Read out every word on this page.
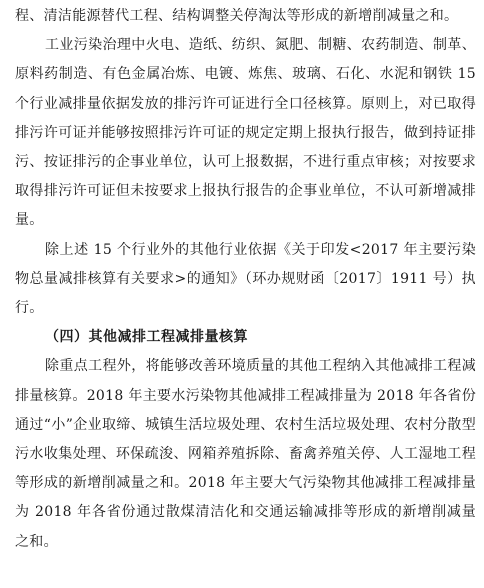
程、清洁能源替代工程、结构调整关停淘汰等形成的新增削减量之和。

工业污染治理中火电、造纸、纺织、氮肥、制糖、农药制造、制革、原料药制造、有色金属冶炼、电镀、炼焦、玻璃、石化、水泥和钢铁 15 个行业减排量依据发放的排污许可证进行全口径核算。原则上，对已取得排污许可证并能够按照排污许可证的规定定期上报执行报告，做到持证排污、按证排污的企事业单位，认可上报数据，不进行重点审核；对按要求取得排污许可证但未按要求上报执行报告的企事业单位，不认可新增减排量。

除上述 15 个行业外的其他行业依据《关于印发<2017 年主要污染物总量减排核算有关要求>的通知》（环办规财函〔2017〕1911 号）执行。

（四）其他减排工程减排量核算

除重点工程外，将能够改善环境质量的其他工程纳入其他减排工程减排量核算。2018 年主要水污染物其他减排工程减排量为 2018 年各省份通过“小”企业取缔、城镇生活垃圾处理、农村生活垃圾处理、农村分散型污水收集处理、环保疏浚、网箱养殖拆除、畜禽养殖关停、人工湿地工程等形成的新增削减量之和。2018 年主要大气污染物其他减排工程减排量为 2018 年各省份通过散煤清洁化和交通运输减排等形成的新增削减量之和。
